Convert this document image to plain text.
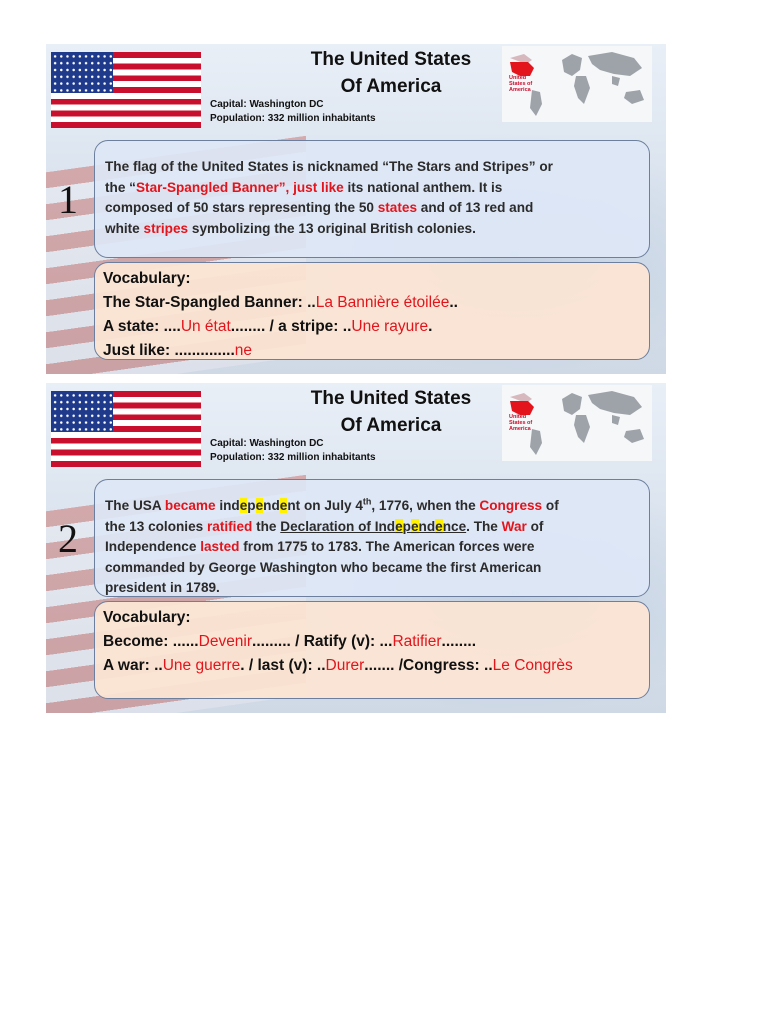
The United States
Of America
Capital: Washington DC
Population: 332 million inhabitants
United
States of
America
1
The flag of the United States is nicknamed “The Stars and Stripes” or
the “Star-Spangled Banner”, just like its national anthem. It is
composed of 50 stars representing the 50 states and of 13 red and
white stripes symbolizing the 13 original British colonies.
Vocabulary:
The Star-Spangled Banner: ..La Bannière étoilée..
A state: ....Un état........ / a stripe: ..Une rayure.
Just like: ..............ne
The United States
Of America
Capital: Washington DC
Population: 332 million inhabitants
United
States of
America
2
The USA became independent on July 4th, 1776, when the Congress of
the 13 colonies ratified the Declaration of Independence. The War of
Independence lasted from 1775 to 1783. The American forces were
commanded by George Washington who became the first American
president in 1789.
Vocabulary:
Become: ......Devenir......... / Ratify (v): ...Ratifier........
A war: ..Une guerre. / last (v): ..Durer....... /Congress: ..Le Congrès
